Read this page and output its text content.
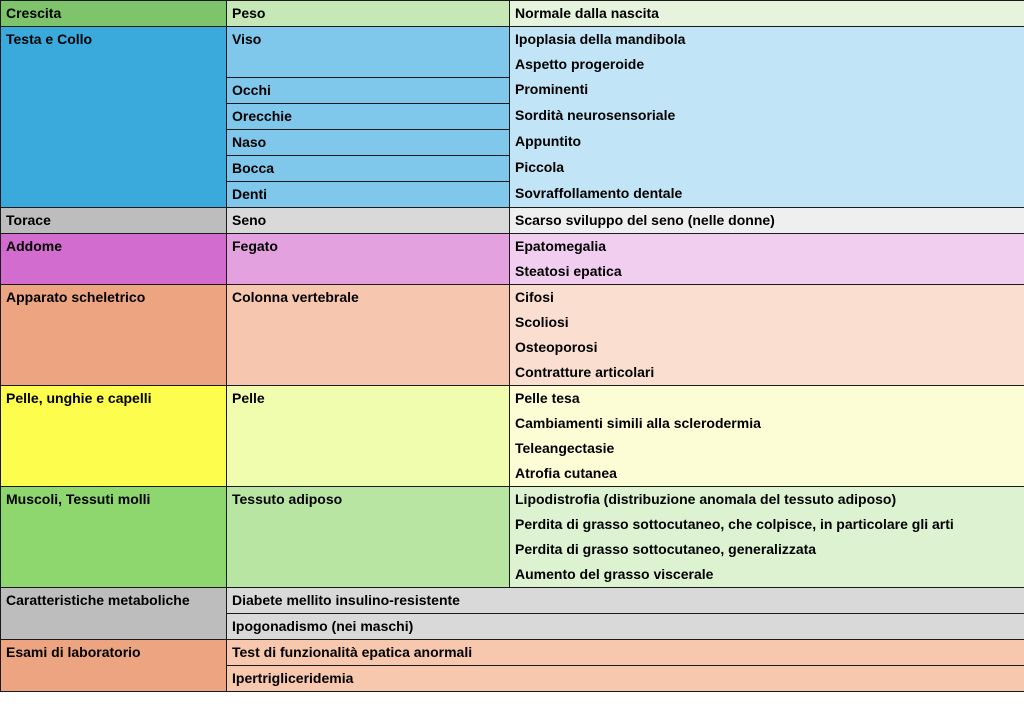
Crescita	Peso	Normale dalla nascita
Testa e Collo	Viso	Ipoplasia della mandibola
		Aspetto progeroide
	Occhi	Prominenti
	Orecchie	Sordità neurosensoriale
	Naso	Appuntito
	Bocca	Piccola
	Denti	Sovraffollamento dentale
Torace	Seno	Scarso sviluppo del seno (nelle donne)
Addome	Fegato	Epatomegalia
		Steatosi epatica
Apparato scheletrico	Colonna vertebrale	Cifosi
		Scoliosi
		Osteoporosi
		Contratture articolari
Pelle, unghie e capelli	Pelle	Pelle tesa
		Cambiamenti simili alla sclerodermia
		Teleangectasie
		Atrofia cutanea
Muscoli, Tessuti molli	Tessuto adiposo	Lipodistrofia (distribuzione anomala del tessuto adiposo)
		Perdita di grasso sottocutaneo, che colpisce, in particolare gli arti
		Perdita di grasso sottocutaneo, generalizzata
		Aumento del grasso viscerale
Caratteristiche metaboliche	Diabete mellito insulino-resistente	
	Ipogonadismo (nei maschi)	
Esami di laboratorio	Test di funzionalità epatica anormali	
	Ipertrigliceridemia	
